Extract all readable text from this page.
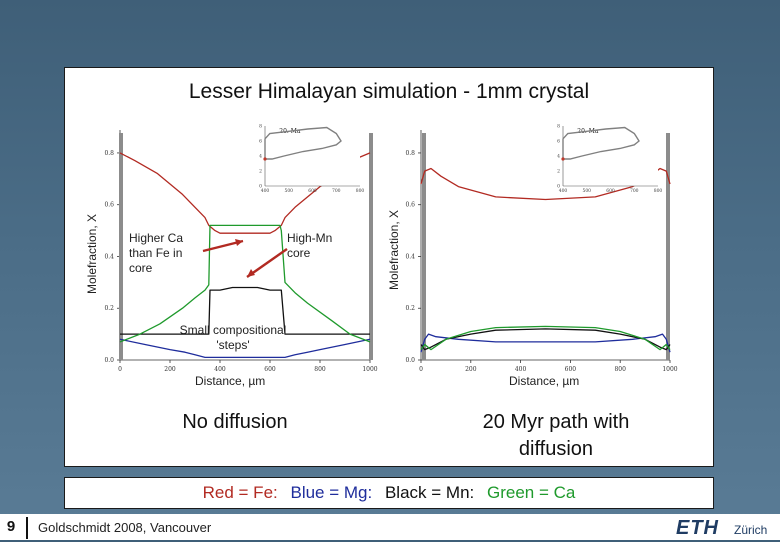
Lesser Himalayan simulation - 1mm crystal
0.0
0.2
0.4
0.6
0.8
0	200	400	600	800	1000
0
2
4
6
8
400	500	600	700	800
20. Ma
Molefraction, X
Distance, µm
Higher Ca than Fe in core
High-Mn core
Small compositional 'steps'
No diffusion
0.0
0.2
0.4
0.6
0.8
0	200	400	600	800	1000
0
2
4
6
8
400	500	600	700	800
20. Ma
Molefraction, X
Distance, µm
20 Myr path with diffusion
Red = Fe: Blue = Mg: Black = Mn: Green = Ca
9	Goldschmidt 2008, Vancouver	ETH Zürich
